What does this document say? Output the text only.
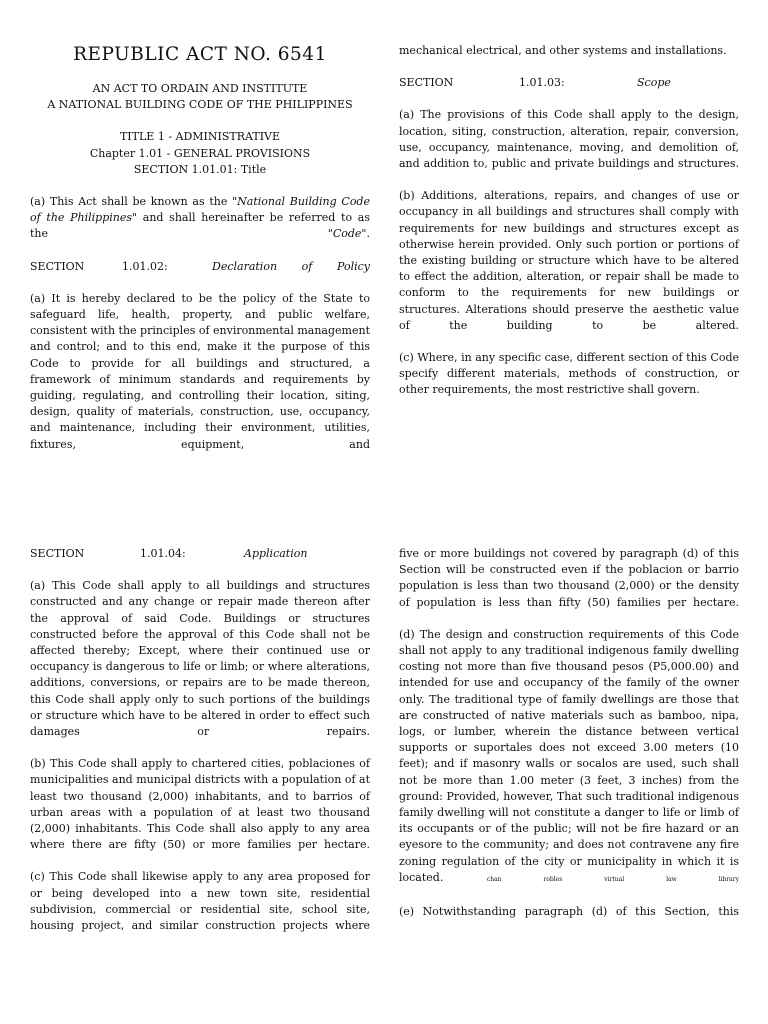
REPUBLIC ACT NO. 6541

AN ACT TO ORDAIN AND INSTITUTE

A NATIONAL BUILDING CODE OF THE PHILIPPINES

TITLE 1 - ADMINISTRATIVE

Chapter 1.01 - GENERAL PROVISIONS

SECTION 1.01.01: Title

(a) This Act shall be known as the "National Building Code of the Philippines" and shall hereinafter be referred to as the	"Code".

SECTION	1.01.02:	Declaration of Policy

(a) It is hereby declared to be the policy of the State to safeguard life, health, property, and public welfare, consistent with the principles of environmental management and control; and to this end, make it the purpose of this Code to provide for all buildings and structured, a framework of minimum standards and requirements by guiding, regulating, and controlling their location, siting, design, quality of materials, construction, use, occupancy, and maintenance, including their environment, utilities, fixtures, equipment, and

mechanical electrical, and other systems and installations.

SECTION	1.01.03:	Scope

(a) The provisions of this Code shall apply to the design, location, siting, construction, alteration, repair, conversion, use, occupancy, maintenance, moving, and demolition of, and addition to, public and private buildings and structures.

(b) Additions, alterations, repairs, and changes of use or occupancy in all buildings and structures shall comply with requirements for new buildings and structures except as otherwise herein provided. Only such portion or portions of the existing building or structure which have to be altered to effect the addition, alteration, or repair shall be made to conform to the requirements for new buildings or structures. Alterations should preserve the aesthetic value of the building to be altered.

(c) Where, in any specific case, different section of this Code specify different materials, methods of construction, or other requirements, the most restrictive shall govern.

SECTION	1.01.04:	Application

(a) This Code shall apply to all buildings and structures constructed and any change or repair made thereon after the approval of said Code. Buildings or structures constructed before the approval of this Code shall not be affected thereby; Except, where their continued use or occupancy is dangerous to life or limb; or where alterations, additions, conversions, or repairs are to be made thereon, this Code shall apply only to such portions of the buildings or structure which have to be altered in order to effect such damages or repairs.

(b) This Code shall apply to chartered cities, poblaciones of municipalities and municipal districts with a population of at least two thousand (2,000) inhabitants, and to barrios of urban areas with a population of at least two thousand (2,000) inhabitants. This Code shall also apply to any area where there are fifty (50) or more families per hectare.

(c) This Code shall likewise apply to any area proposed for or being developed into a new town site, residential subdivision, commercial or residential site, school site, housing project, and similar construction projects where

five or more buildings not covered by paragraph (d) of this Section will be constructed even if the poblacion or barrio population is less than two thousand (2,000) or the density of population is less than fifty (50) families per hectare.

(d) The design and construction requirements of this Code shall not apply to any traditional indigenous family dwelling costing not more than five thousand pesos (P5,000.00) and intended for use and occupancy of the family of the owner only. The traditional type of family dwellings are those that are constructed of native materials such as bamboo, nipa, logs, or lumber, wherein the distance between vertical supports or suportales does not exceed 3.00 meters (10 feet); and if masonry walls or socalos are used, such shall not be more than 1.00 meter (3 feet, 3 inches) from the ground: Provided, however, That such traditional indigenous family dwelling will not constitute a danger to life or limb of its occupants or of the public; will not be fire hazard or an eyesore to the community; and does not contravene any fire zoning regulation of the city or municipality in which it is located.	chan robles virtual law library

(e) Notwithstanding paragraph (d) of this Section, this
